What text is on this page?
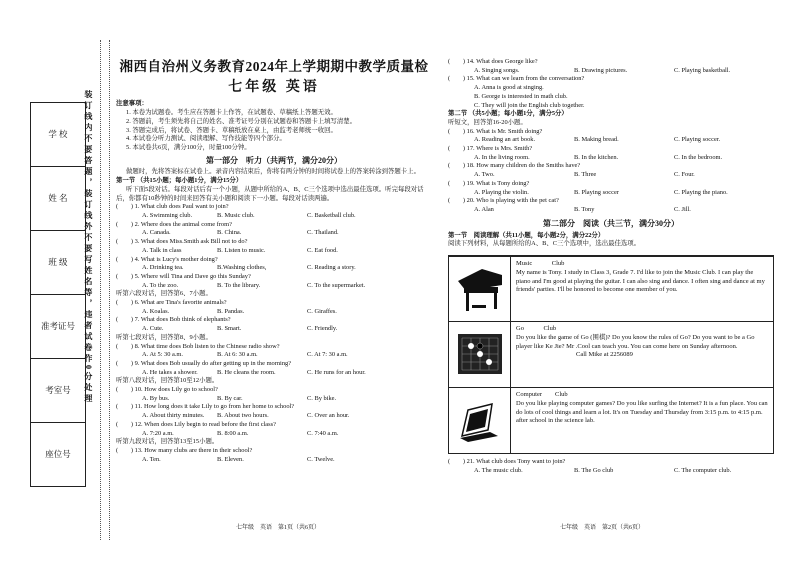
学 校
姓 名
班 级
准考证号
考室号
座位号
装订线内不要答题，装订线外不要写姓名等，违者试卷作0分处理
湘西自治州义务教育2024年上学期期中教学质量检
七年级 英语
注意事项：
1. 本卷为试题卷。考生应在答题卡上作答，在试题卷、草稿纸上答题无效。
2. 答题前，考生须先将自己的姓名、准考证号分别在试题卷和答题卡上填写清楚。
3. 答题完成后，将试卷、答题卡、草稿纸放在桌上，由监考老师统一收回。
4. 本试卷分听力测试、阅读理解、写作技能等四个部分。
5. 本试卷共6页，满分100分，时量100分钟。
第一部分　听力（共两节，满分20分）
做题时，先将答案标在试卷上。录音内容结束后，你将有两分钟的时间将试卷上的答案转涂到答题卡上。
第一节 （共15小题；每小题1分，满分15分）
听下面5段对话。每段对话后有一个小题，从题中所给的A、B、C三个选项中选出最佳选项。听完每段对话后，你都有10秒钟的时间来回答有关小题和阅读下一小题。每段对话读两遍。
(　　) 1. What club does Paul want to join?
A. Swimming club.	B. Music club.	C. Basketball club.
(　　) 2. Where does the animal come from?
A. Canada.	B. China.	C. Thailand.
(　　) 3. What does Miss.Smith ask Bill not to do?
A. Talk in class	B. Listen to music.	C. Eat food.
(　　) 4. What is Lucy's mother doing?
A. Drinking tea.	B.Washing clothes,	C. Reading a story.
(　　) 5. Where will Tina and Dave go this Sunday?
A. To the zoo.	B. To the library.	C. To the supermarket.
听第六段对话，回答第6、7小题。
(　　) 6. What are Tina's favorite animals?
A. Koalas.	B. Pandas.	C. Giraffes.
(　　) 7. What does Bob think of elephants?
A. Cute.	B. Smart.	C. Friendly.
听第七段对话，回答第8、9小题。
(　　) 8. What time does Bob listen to the Chinese radio show?
A. At 5: 30 a.m.	B. At 6: 30 a.m.	C. At 7: 30 a.m.
(　　) 9. What does Bob usually do after getting up in the morning?
A. He takes a shower.	B. He cleans the room.	C. He runs for an hour.
听第八段对话，回答第10至12小题。
(　　) 10. How does Lily go to school?
A. By bus.	B. By car.	C. By bike.
(　　) 11. How long does it take Lily to go from her home to school?
A. About thirty minutes.	B. About two hours.	C. Over an hour.
(　　) 12. When does Lily begin to read before the first class?
A. 7:20 a.m.	B. 8:00 a.m.	C. 7:40 a.m.
听第九段对话，回答第13至15小题。
(　　) 13. How many clubs are there in their school?
A. Ten.	B. Eleven.	C. Twelve.
(　　) 14. What does George like?
A. Singing songs.	B. Drawing pictures.	C. Playing basketball.
(　　) 15. What can we learn from the conversation?
A. Anna is good at singing.
B. George is interested in math club.
C. They will join the English club together.
第二节 （共5小题；每小题1分，满分5分）
听短文，回答第16-20小题。
(　　) 16. What is Mr. Smith doing?
A. Reading an art book.	B. Making bread.	C. Playing soccer.
(　　) 17. Where is Mrs. Smith?
A. In the living room.	B. In the kitchen.	C. In the bedroom.
(　　) 18. How many children do the Smiths have?
A. Two.	B. Three	C. Four.
(　　) 19. What is Tony doing?
A. Playing the violin.	B. Playing soccer	C. Playing the piano.
(　　) 20. Who is playing with the pet cat?
A. Alan	B. Tony	C. Jill.
第二部分　阅读（共三节，满分30分）
第一节　阅读理解（共11小题，每小题2分，满分22分）
阅读下列材料，从每题所给的A、B、C三个选项中，选出最佳选项。
Music　　　Club
My name is Tony. I study in Class 3, Grade 7. I'd like to join the Music Club. I can play the piano and I'm good at playing the guitar. I can also sing and dance. I often sing and dance at my friends' parties. I'll be honored to become one member of you.
Go　　　Club
Do you like the game of Go (围棋)? Do you know the rules of Go? Do you want to be a Go player like Ke Jie? Mr .Cool can teach you. You can come here on Sunday afternoon.
Call Mike at 2256089
Computer　　Club
Do you like playing computer games? Do you like surfing the Internet? It is a fun place. You can do lots of cool things and learn a lot. It's on Tuesday and Thursday from 3:15 p.m. to 4:15 p.m. after school in the science lab.
(　　) 21. What club does Tony want to join?
A. The music club.	B. The Go club	C. The computer club.
七年级　英语　第1页（共6页）	七年级　英语　第2页（共6页）
